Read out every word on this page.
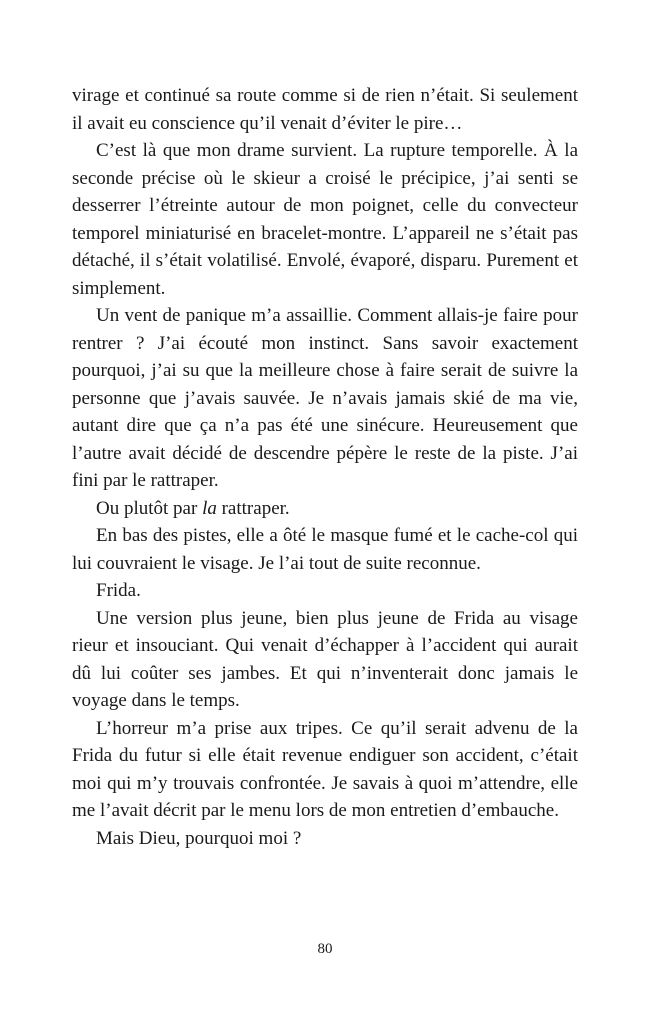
virage et continué sa route comme si de rien n’était. Si seulement il avait eu conscience qu’il venait d’éviter le pire…

C’est là que mon drame survient. La rupture temporelle. À la seconde précise où le skieur a croisé le précipice, j’ai senti se desserrer l’étreinte autour de mon poignet, celle du convecteur temporel miniaturisé en bracelet-montre. L’appareil ne s’était pas détaché, il s’était volatilisé. Envolé, évaporé, disparu. Purement et simplement.

Un vent de panique m’a assaillie. Comment allais-je faire pour rentrer ? J’ai écouté mon instinct. Sans savoir exactement pourquoi, j’ai su que la meilleure chose à faire serait de suivre la personne que j’avais sauvée. Je n’avais jamais skié de ma vie, autant dire que ça n’a pas été une sinécure. Heureusement que l’autre avait décidé de descendre pépère le reste de la piste. J’ai fini par le rattraper.

Ou plutôt par la rattraper.

En bas des pistes, elle a ôté le masque fumé et le cache-col qui lui couvraient le visage. Je l’ai tout de suite reconnue.

Frida.

Une version plus jeune, bien plus jeune de Frida au visage rieur et insouciant. Qui venait d’échapper à l’accident qui aurait dû lui coûter ses jambes. Et qui n’inventerait donc jamais le voyage dans le temps.

L’horreur m’a prise aux tripes. Ce qu’il serait advenu de la Frida du futur si elle était revenue endiguer son accident, c’était moi qui m’y trouvais confrontée. Je savais à quoi m’attendre, elle me l’avait décrit par le menu lors de mon entretien d’embauche.

Mais Dieu, pourquoi moi ?

80
